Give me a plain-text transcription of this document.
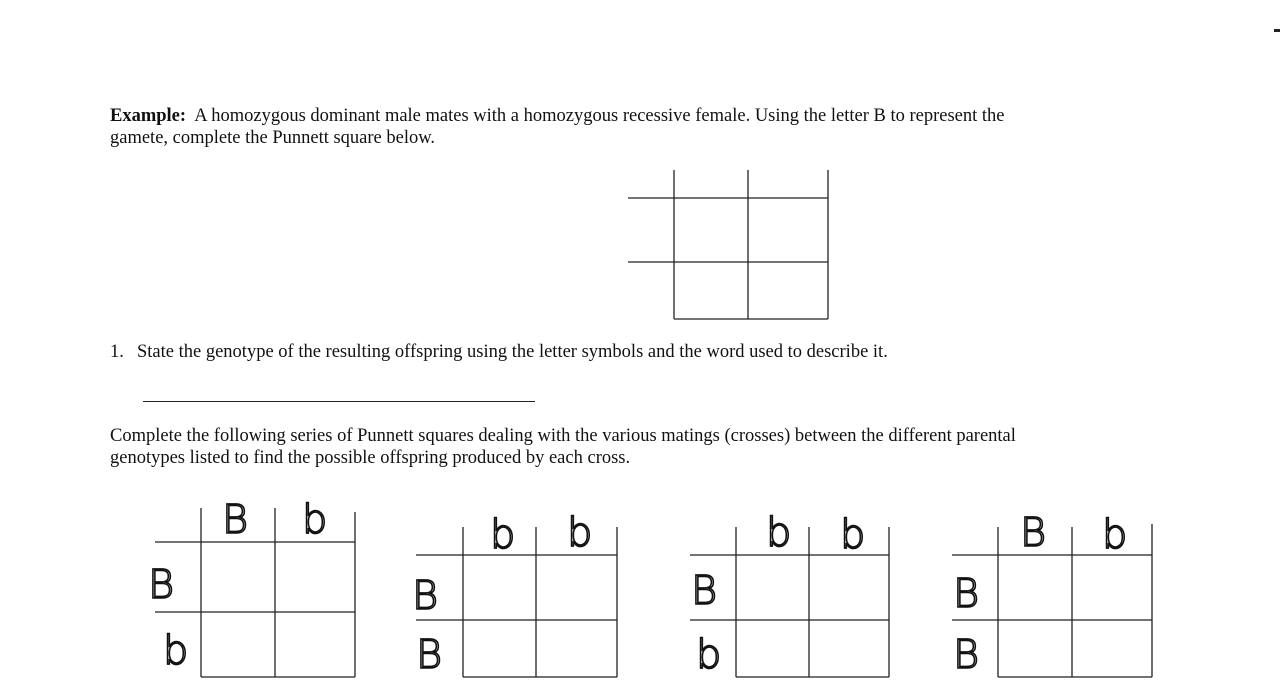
Example: A homozygous dominant male mates with a homozygous recessive female. Using the letter B to represent the
gamete, complete the Punnett square below.

1. State the genotype of the resulting offspring using the letter symbols and the word used to describe it.

Complete the following series of Punnett squares dealing with the various matings (crosses) between the different parental
genotypes listed to find the possible offspring produced by each cross.

B b
B
b
b b
B
B
b b
B
b
B b
B
B
